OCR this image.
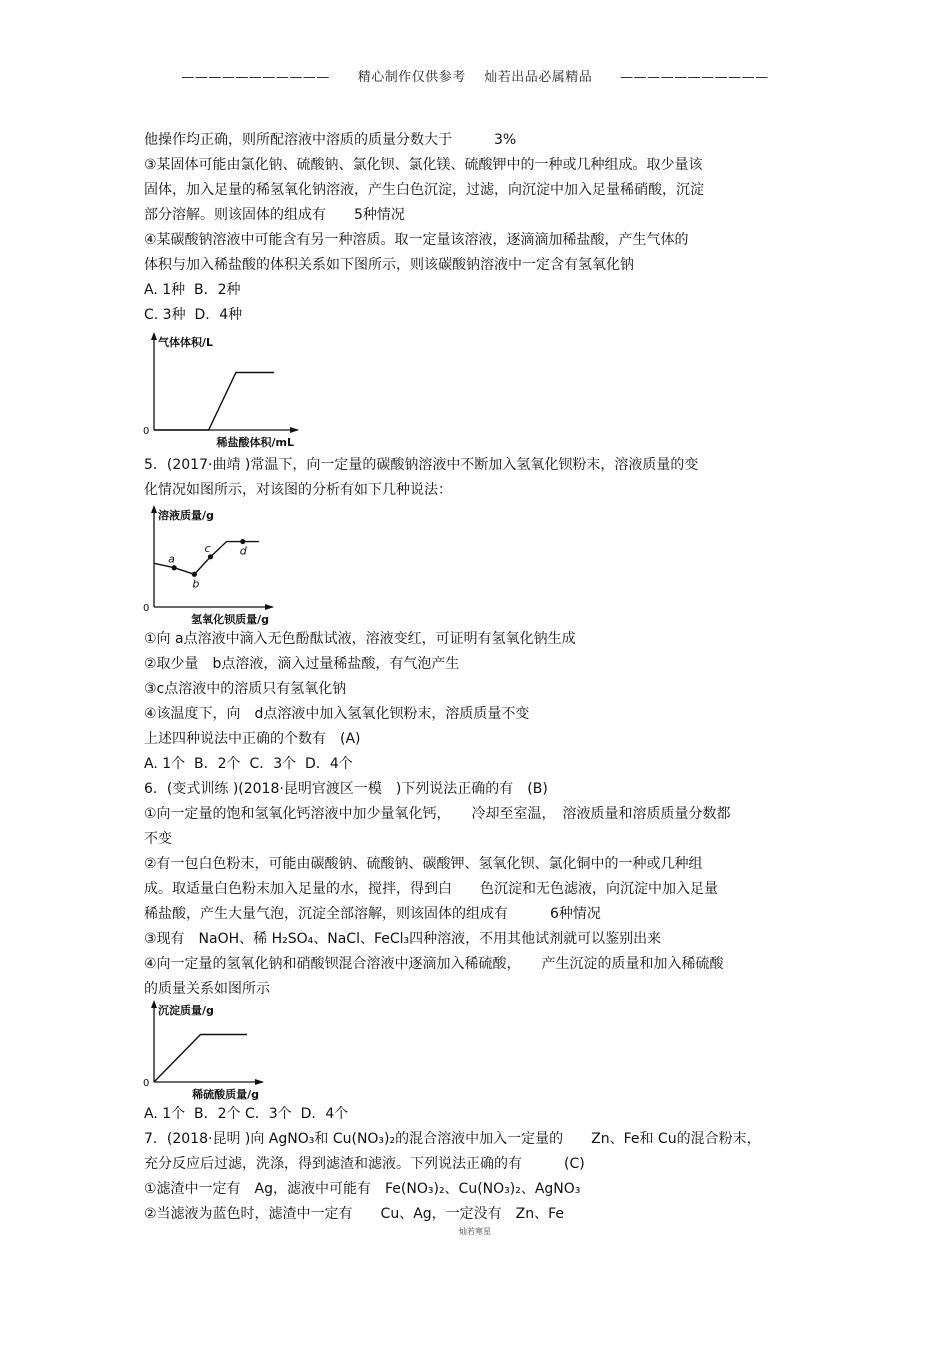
——————————— 精心制作仅供参考 灿若出品必属精品 ———————————
他操作均正确，则所配溶液中溶质的质量分数大于　　　3%
③某固体可能由氯化钠、硫酸钠、氯化钡、氯化镁、硫酸钾中的一种或几种组成。取少量该
固体，加入足量的稀氢氧化钠溶液，产生白色沉淀，过滤，向沉淀中加入足量稀硝酸，沉淀
部分溶解。则该固体的组成有　　5种情况
④某碳酸钠溶液中可能含有另一种溶质。取一定量该溶液，逐滴滴加稀盐酸，产生气体的
体积与加入稀盐酸的体积关系如下图所示，则该碳酸钠溶液中一定含有氢氧化钠
A. 1种  B．2种
C. 3种  D．4种
气体体积/L
稀盐酸体积/mL
0
5．(2017·曲靖 )常温下，向一定量的碳酸钠溶液中不断加入氢氧化钡粉末，溶液质量的变
化情况如图所示，对该图的分析有如下几种说法：
溶液质量/g
氢氧化钡质量/g
0
a
b
c	d
①向 a点溶液中滴入无色酚酞试液，溶液变红，可证明有氢氧化钠生成
②取少量　b点溶液，滴入过量稀盐酸，有气泡产生
③c点溶液中的溶质只有氢氧化钠
④该温度下，向　d点溶液中加入氢氧化钡粉末，溶质质量不变
上述四种说法中正确的个数有　(A)
A. 1个  B．2个  C．3个  D．4个
6．(变式训练 )(2018·昆明官渡区一模　)下列说法正确的有　(B)
①向一定量的饱和氢氧化钙溶液中加少量氧化钙，　　冷却至室温，　溶液质量和溶质质量分数都
不变
②有一包白色粉末，可能由碳酸钠、硫酸钠、碳酸钾、氢氧化钡、氯化铜中的一种或几种组
成。取适量白色粉末加入足量的水，搅拌，得到白　　色沉淀和无色滤液，向沉淀中加入足量
稀盐酸，产生大量气泡，沉淀全部溶解，则该固体的组成有　　　6种情况
③现有　NaOH、稀 H₂SO₄、NaCl、FeCl₃四种溶液，不用其他试剂就可以鉴别出来
④向一定量的氢氧化钠和硝酸钡混合溶液中逐滴加入稀硫酸，　　产生沉淀的质量和加入稀硫酸
的质量关系如图所示
沉淀质量/g
稀硫酸质量/g
0
A. 1个  B．2个 C．3个  D．4个
7．(2018·昆明 )向 AgNO₃和 Cu(NO₃)₂的混合溶液中加入一定量的　　Zn、Fe和 Cu的混合粉末，
充分反应后过滤，洗涤，得到滤渣和滤液。下列说法正确的有　　　(C)
①滤渣中一定有　Ag，滤液中可能有　Fe(NO₃)₂、Cu(NO₃)₂、AgNO₃
②当滤液为蓝色时，滤渣中一定有　　Cu、Ag，一定没有　Zn、Fe
灿若寒星
